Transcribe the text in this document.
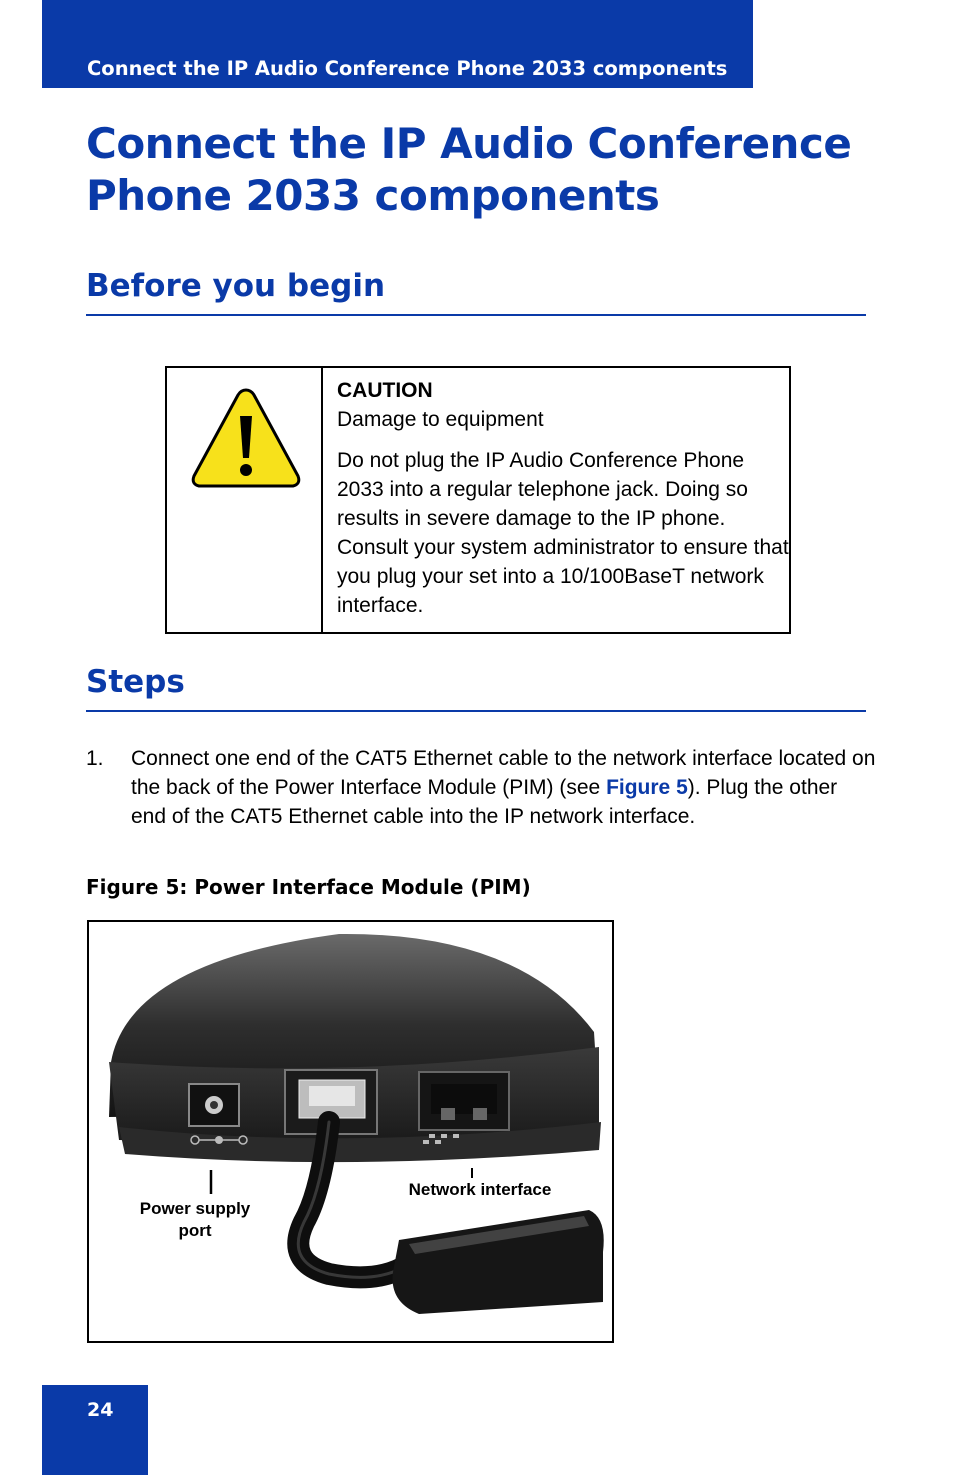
Connect the IP Audio Conference Phone 2033 components
Connect the IP Audio Conference
Phone 2033 components
Before you begin

CAUTION

Damage to equipment

Do not plug the IP Audio Conference Phone 2033 into a regular telephone jack. Doing so results in severe damage to the IP phone. Consult your system administrator to ensure that you plug your set into a 10/100BaseT network interface.

Steps
1. Connect one end of the CAT5 Ethernet cable to the network interface located on the back of the Power Interface Module (PIM) (see Figure 5). Plug the other end of the CAT5 Ethernet cable into the IP network interface.

Figure 5: Power Interface Module (PIM)

Power supply
port
Network interface
24
